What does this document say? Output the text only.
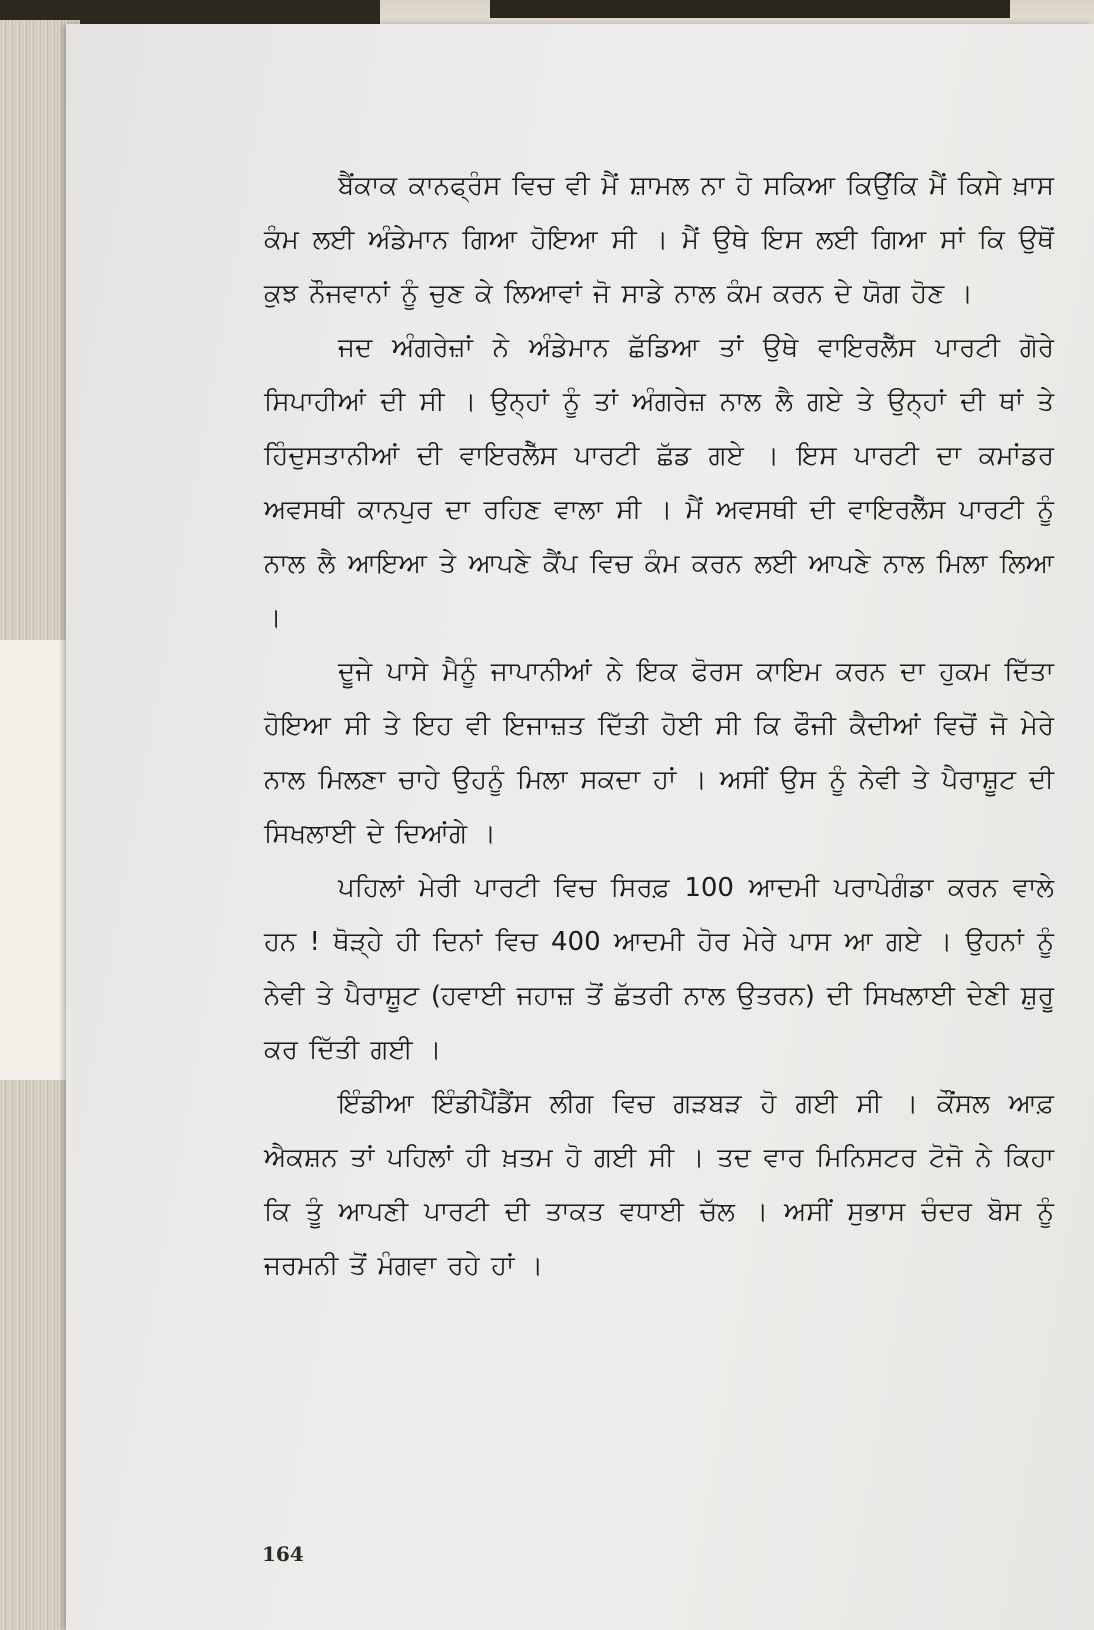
ਬੈਂਕਾਕ ਕਾਨਫ੍ਰੰਸ ਵਿਚ ਵੀ ਮੈਂ ਸ਼ਾਮਲ ਨਾ ਹੋ ਸਕਿਆ ਕਿਉਂਕਿ ਮੈਂ ਕਿਸੇ ਖ਼ਾਸ ਕੰਮ ਲਈ ਅੰਡੇਮਾਨ ਗਿਆ ਹੋਇਆ ਸੀ । ਮੈਂ ਉਥੇ ਇਸ ਲਈ ਗਿਆ ਸਾਂ ਕਿ ਉਥੋਂ ਕੁਝ ਨੌਜਵਾਨਾਂ ਨੂੰ ਚੁਣ ਕੇ ਲਿਆਵਾਂ ਜੋ ਸਾਡੇ ਨਾਲ ਕੰਮ ਕਰਨ ਦੇ ਯੋਗ ਹੋਣ ।

ਜਦ ਅੰਗਰੇਜ਼ਾਂ ਨੇ ਅੰਡੇਮਾਨ ਛੱਡਿਆ ਤਾਂ ਉਥੇ ਵਾਇਰਲੈੱਸ ਪਾਰਟੀ ਗੋਰੇ ਸਿਪਾਹੀਆਂ ਦੀ ਸੀ । ਉਨ੍ਹਾਂ ਨੂੰ ਤਾਂ ਅੰਗਰੇਜ਼ ਨਾਲ ਲੈ ਗਏ ਤੇ ਉਨ੍ਹਾਂ ਦੀ ਥਾਂ ਤੇ ਹਿੰਦੁਸਤਾਨੀਆਂ ਦੀ ਵਾਇਰਲੈੱਸ ਪਾਰਟੀ ਛੱਡ ਗਏ । ਇਸ ਪਾਰਟੀ ਦਾ ਕਮਾਂਡਰ ਅਵਸਥੀ ਕਾਨਪੁਰ ਦਾ ਰਹਿਣ ਵਾਲਾ ਸੀ । ਮੈਂ ਅਵਸਥੀ ਦੀ ਵਾਇਰਲੈੱਸ ਪਾਰਟੀ ਨੂੰ ਨਾਲ ਲੈ ਆਇਆ ਤੇ ਆਪਣੇ ਕੈਂਪ ਵਿਚ ਕੰਮ ਕਰਨ ਲਈ ਆਪਣੇ ਨਾਲ ਮਿਲਾ ਲਿਆ ।

ਦੂਜੇ ਪਾਸੇ ਮੈਨੂੰ ਜਾਪਾਨੀਆਂ ਨੇ ਇਕ ਫੋਰਸ ਕਾਇਮ ਕਰਨ ਦਾ ਹੁਕਮ ਦਿੱਤਾ ਹੋਇਆ ਸੀ ਤੇ ਇਹ ਵੀ ਇਜਾਜ਼ਤ ਦਿੱਤੀ ਹੋਈ ਸੀ ਕਿ ਫੌਜੀ ਕੈਦੀਆਂ ਵਿਚੋਂ ਜੋ ਮੇਰੇ ਨਾਲ ਮਿਲਣਾ ਚਾਹੇ ਉਹਨੂੰ ਮਿਲਾ ਸਕਦਾ ਹਾਂ । ਅਸੀਂ ਉਸ ਨੂੰ ਨੇਵੀ ਤੇ ਪੈਰਾਸ਼ੂਟ ਦੀ ਸਿਖਲਾਈ ਦੇ ਦਿਆਂਗੇ ।

ਪਹਿਲਾਂ ਮੇਰੀ ਪਾਰਟੀ ਵਿਚ ਸਿਰਫ਼ 100 ਆਦਮੀ ਪਰਾਪੇਗੰਡਾ ਕਰਨ ਵਾਲੇ ਹਨ ! ਥੋੜ੍ਹੇ ਹੀ ਦਿਨਾਂ ਵਿਚ 400 ਆਦਮੀ ਹੋਰ ਮੇਰੇ ਪਾਸ ਆ ਗਏ । ਉਹਨਾਂ ਨੂੰ ਨੇਵੀ ਤੇ ਪੈਰਾਸ਼ੂਟ (ਹਵਾਈ ਜਹਾਜ਼ ਤੋਂ ਛੱਤਰੀ ਨਾਲ ਉਤਰਨ) ਦੀ ਸਿਖਲਾਈ ਦੇਣੀ ਸ਼ੁਰੂ ਕਰ ਦਿੱਤੀ ਗਈ ।

ਇੰਡੀਆ ਇੰਡੀਪੈਂਡੈਂਸ ਲੀਗ ਵਿਚ ਗੜਬੜ ਹੋ ਗਈ ਸੀ । ਕੌਂਸਲ ਆਫ਼ ਐਕਸ਼ਨ ਤਾਂ ਪਹਿਲਾਂ ਹੀ ਖ਼ਤਮ ਹੋ ਗਈ ਸੀ । ਤਦ ਵਾਰ ਮਿਨਿਸਟਰ ਟੋਜੋ ਨੇ ਕਿਹਾ ਕਿ ਤੂੰ ਆਪਣੀ ਪਾਰਟੀ ਦੀ ਤਾਕਤ ਵਧਾਈ ਚੱਲ । ਅਸੀਂ ਸੁਭਾਸ ਚੰਦਰ ਬੋਸ ਨੂੰ ਜਰਮਨੀ ਤੋਂ ਮੰਗਵਾ ਰਹੇ ਹਾਂ ।

164
